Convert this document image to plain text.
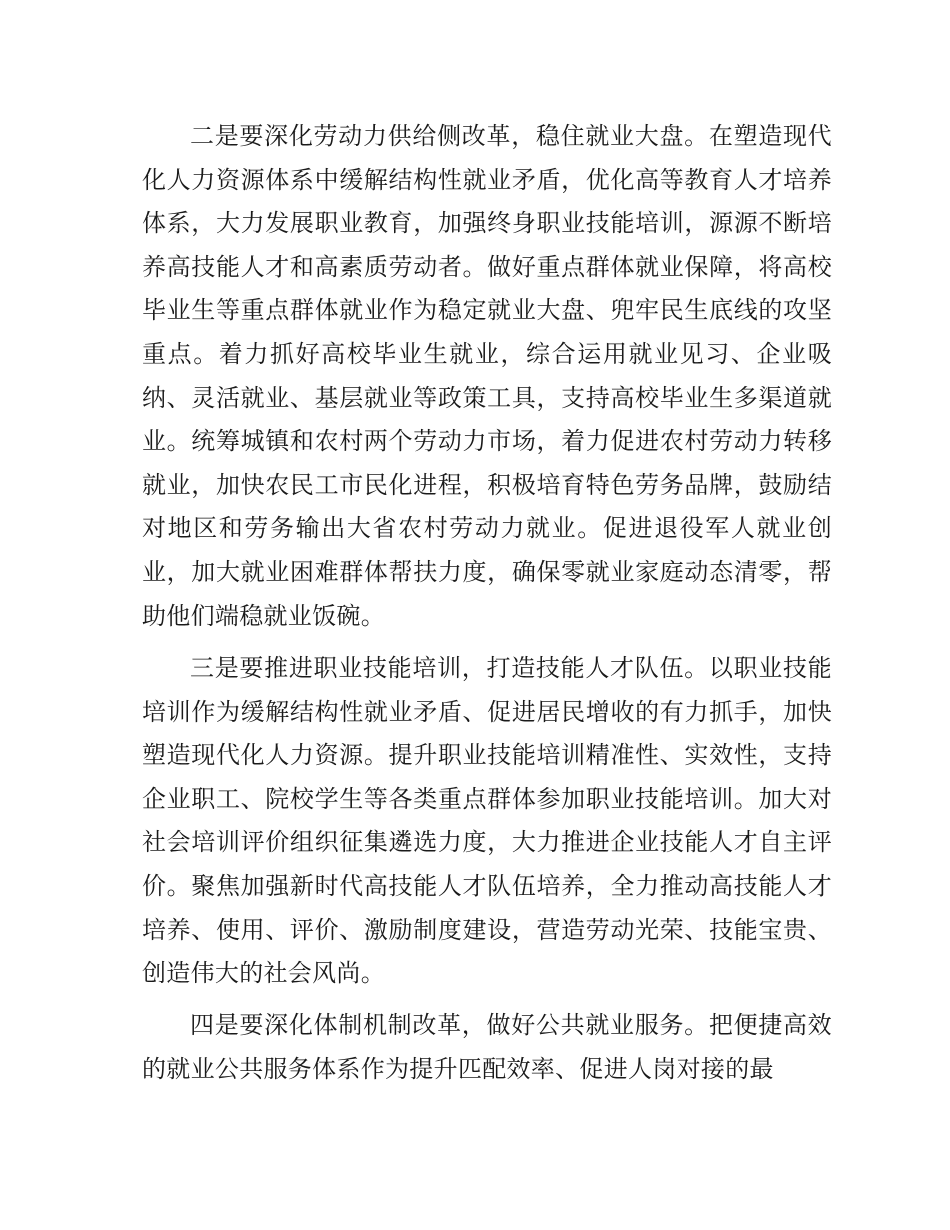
二是要深化劳动力供给侧改革，稳住就业大盘。在塑造现代化人力资源体系中缓解结构性就业矛盾，优化高等教育人才培养体系，大力发展职业教育，加强终身职业技能培训，源源不断培养高技能人才和高素质劳动者。做好重点群体就业保障，将高校毕业生等重点群体就业作为稳定就业大盘、兜牢民生底线的攻坚重点。着力抓好高校毕业生就业，综合运用就业见习、企业吸纳、灵活就业、基层就业等政策工具，支持高校毕业生多渠道就业。统筹城镇和农村两个劳动力市场，着力促进农村劳动力转移就业，加快农民工市民化进程，积极培育特色劳务品牌，鼓励结对地区和劳务输出大省农村劳动力就业。促进退役军人就业创业，加大就业困难群体帮扶力度，确保零就业家庭动态清零，帮助他们端稳就业饭碗。

三是要推进职业技能培训，打造技能人才队伍。以职业技能培训作为缓解结构性就业矛盾、促进居民增收的有力抓手，加快塑造现代化人力资源。提升职业技能培训精准性、实效性，支持企业职工、院校学生等各类重点群体参加职业技能培训。加大对社会培训评价组织征集遴选力度，大力推进企业技能人才自主评价。聚焦加强新时代高技能人才队伍培养，全力推动高技能人才培养、使用、评价、激励制度建设，营造劳动光荣、技能宝贵、创造伟大的社会风尚。

四是要深化体制机制改革，做好公共就业服务。把便捷高效的就业公共服务体系作为提升匹配效率、促进人岗对接的最
